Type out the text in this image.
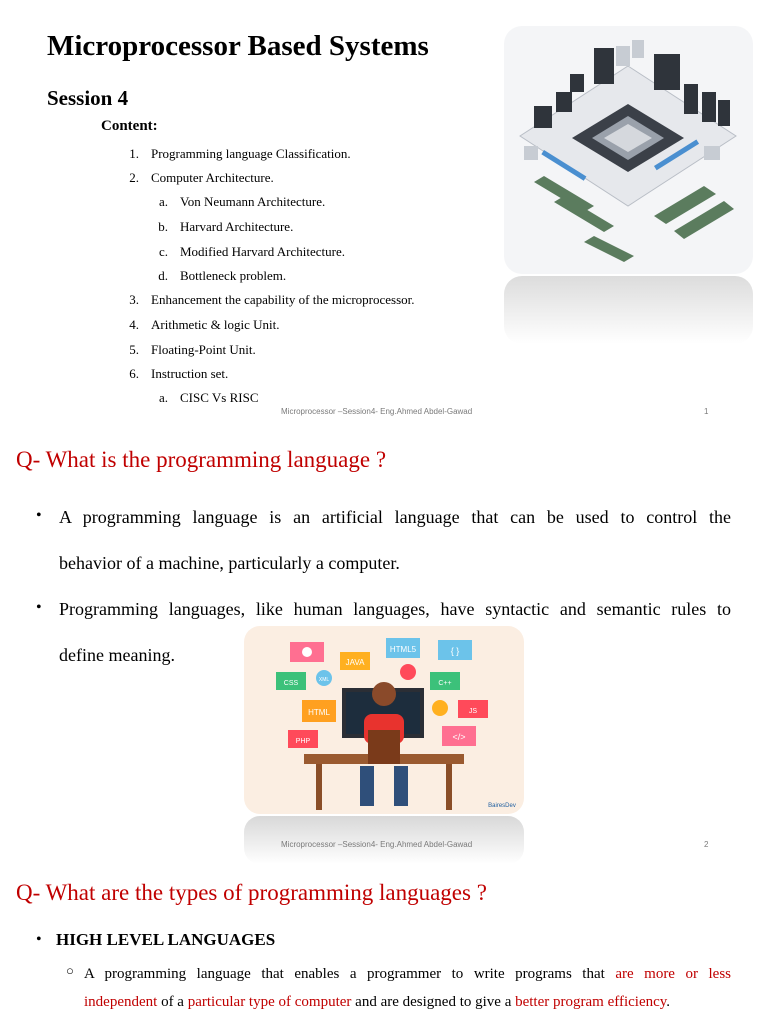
Microprocessor Based Systems
Session 4
Content:
1. Programming language Classification.
2. Computer Architecture.
a. Von Neumann Architecture.
b. Harvard Architecture.
c. Modified Harvard Architecture.
d. Bottleneck problem.
3. Enhancement the capability of the microprocessor.
4. Arithmetic & logic Unit.
5. Floating-Point Unit.
6. Instruction set.
a. CISC Vs RISC
Microprocessor –Session4- Eng.Ahmed Abdel-Gawad	1
Q- What is the programming language ?
• A programming language is an artificial language that can be used to control the
behavior of a machine, particularly a computer.
• Programming languages, like human languages, have syntactic and semantic rules to
define meaning.	JAVA
HTML5	{ }
CSS	XML	C++
HTML	JS
PHP	</>
BairesDev
Microprocessor –Session4- Eng.Ahmed Abdel-Gawad	2
Q- What are the types of programming languages ?
• HIGH LEVEL LANGUAGES
○ A programming language that enables a programmer to write programs that are more or less
independent of a particular type of computer and are designed to give a better program efficiency.
